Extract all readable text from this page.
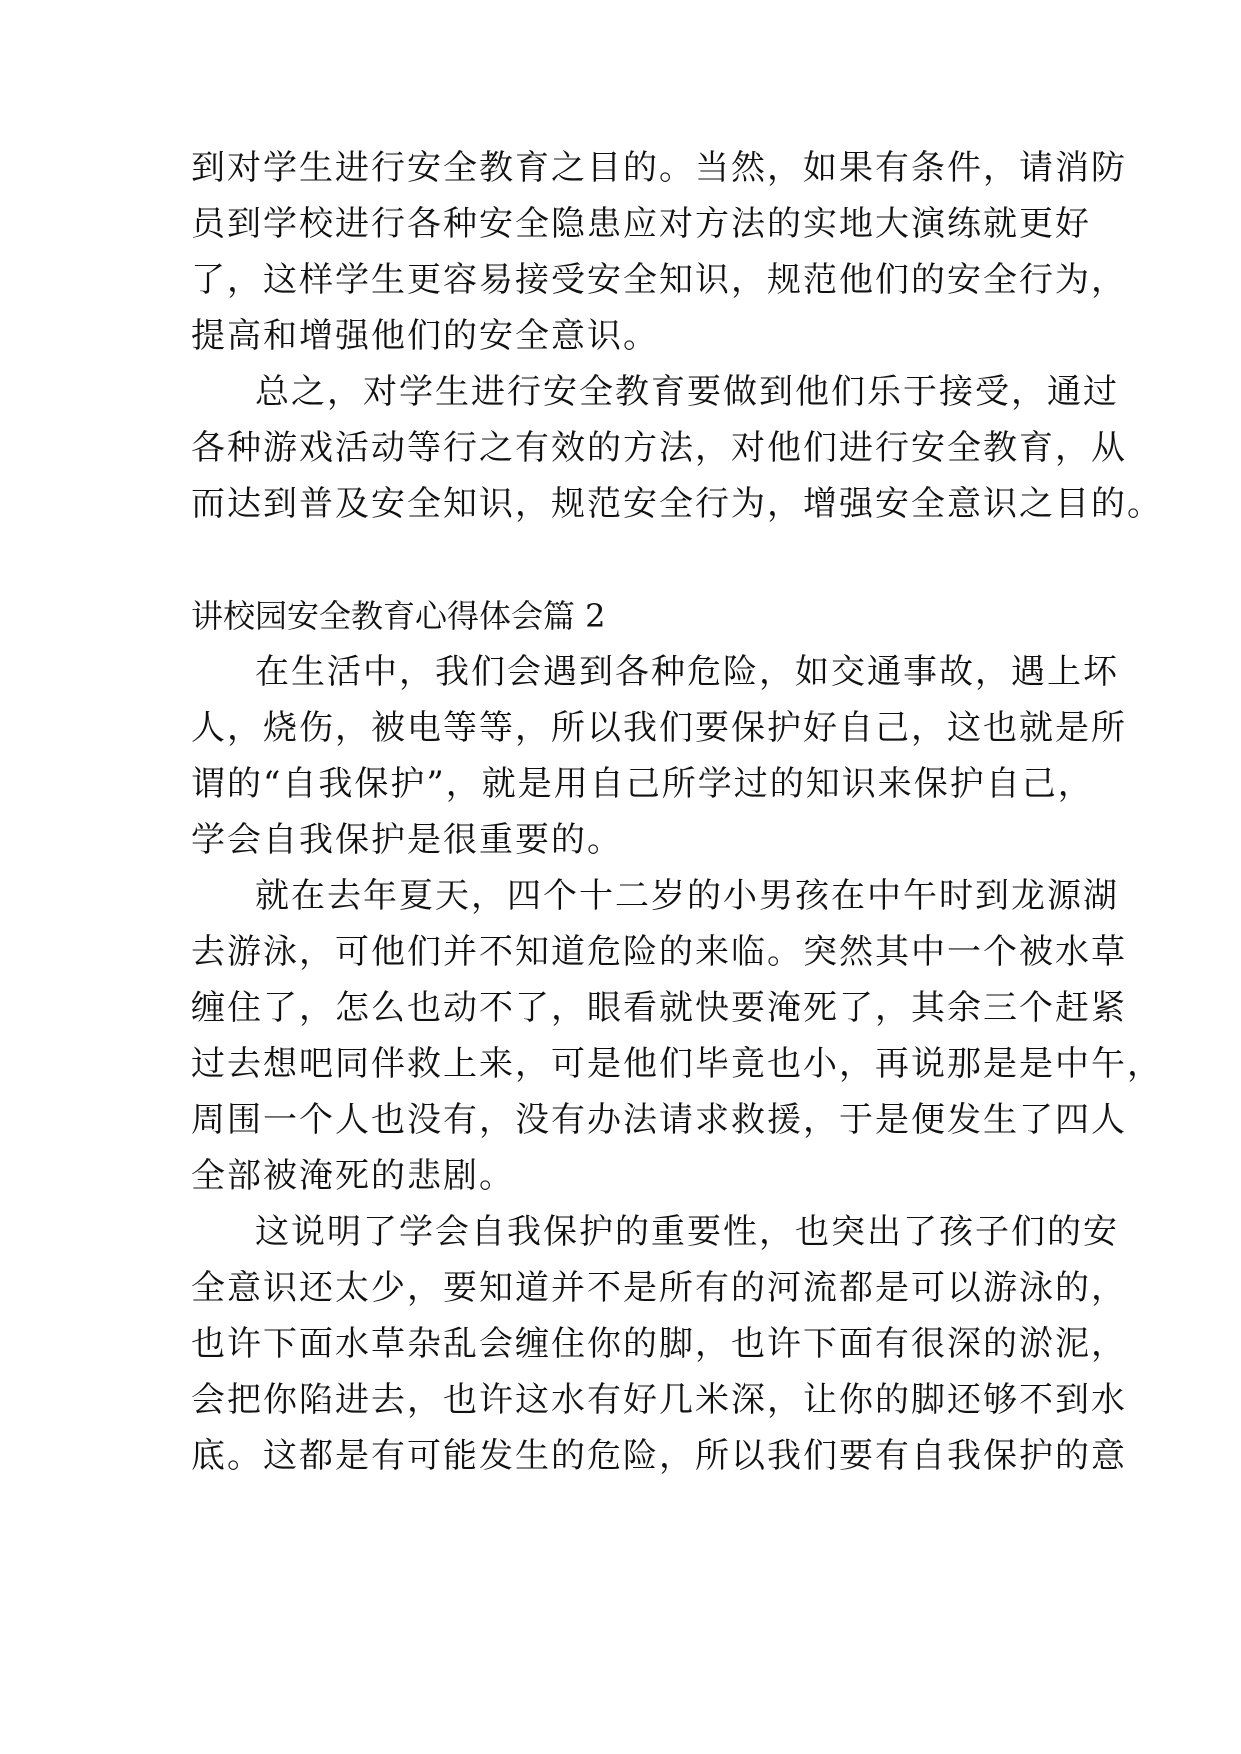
到对学生进行安全教育之目的。当然，如果有条件，请消防
员到学校进行各种安全隐患应对方法的实地大演练就更好
了，这样学生更容易接受安全知识，规范他们的安全行为，
提高和增强他们的安全意识。
总之，对学生进行安全教育要做到他们乐于接受，通过
各种游戏活动等行之有效的方法，对他们进行安全教育，从
而达到普及安全知识，规范安全行为，增强安全意识之目的。
讲校园安全教育心得体会篇 2
在生活中，我们会遇到各种危险，如交通事故，遇上坏
人，烧伤，被电等等，所以我们要保护好自己，这也就是所
谓的“自我保护”，就是用自己所学过的知识来保护自己，
学会自我保护是很重要的。
就在去年夏天，四个十二岁的小男孩在中午时到龙源湖
去游泳，可他们并不知道危险的来临。突然其中一个被水草
缠住了，怎么也动不了，眼看就快要淹死了，其余三个赶紧
过去想吧同伴救上来，可是他们毕竟也小，再说那是是中午，
周围一个人也没有，没有办法请求救援，于是便发生了四人
全部被淹死的悲剧。
这说明了学会自我保护的重要性，也突出了孩子们的安
全意识还太少，要知道并不是所有的河流都是可以游泳的，
也许下面水草杂乱会缠住你的脚，也许下面有很深的淤泥，
会把你陷进去，也许这水有好几米深，让你的脚还够不到水
底。这都是有可能发生的危险，所以我们要有自我保护的意
